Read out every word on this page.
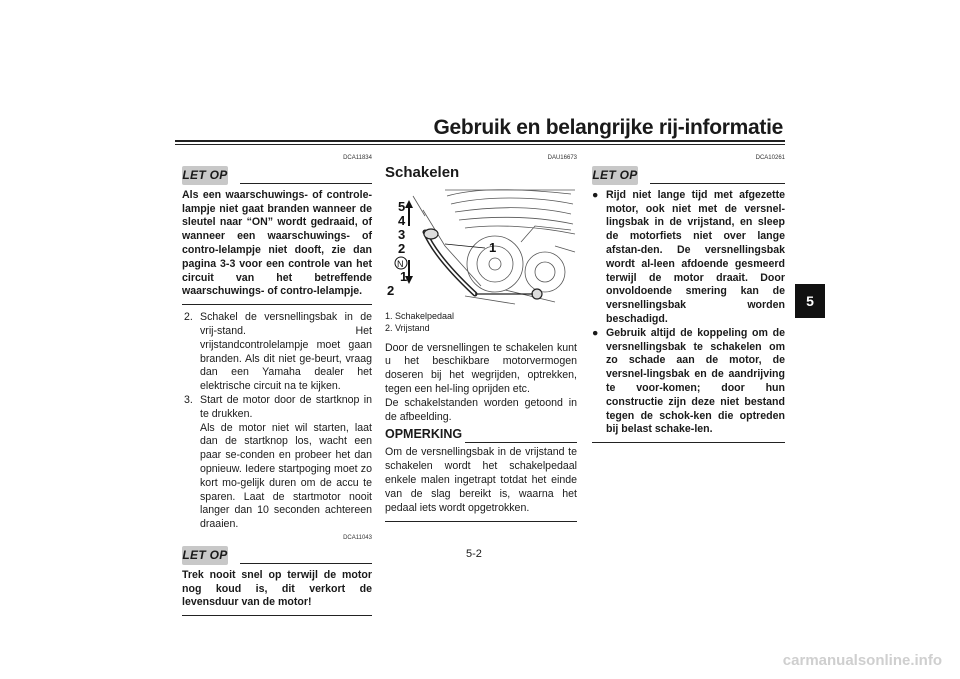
Gebruik en belangrijke rij-informatie
5
DCA11834
LET OP
Als een waarschuwings- of controle-lampje niet gaat branden wanneer de sleutel naar “ON” wordt gedraaid, of wanneer een waarschuwings- of contro-lelampje niet dooft, zie dan pagina 3-3 voor een controle van het circuit van het betreffende waarschuwings- of contro-lelampje.
2. Schakel de versnellingsbak in de vrij-stand. Het vrijstandcontrolelampje moet gaan branden. Als dit niet ge-beurt, vraag dan een Yamaha dealer het elektrische circuit na te kijken.
3. Start de motor door de startknop in te drukken.
Als de motor niet wil starten, laat dan de startknop los, wacht een paar se-conden en probeer het dan opnieuw. Iedere startpoging moet zo kort mo-gelijk duren om de accu te sparen. Laat de startmotor nooit langer dan 10 seconden achtereen draaien.
DCA11043
LET OP
Trek nooit snel op terwijl de motor nog koud is, dit verkort de levensduur van de motor!
DAU16673
Schakelen
5
4
3
2
1
1
2
N
1. Schakelpedaal
2. Vrijstand
Door de versnellingen te schakelen kunt u het beschikbare motorvermogen doseren bij het wegrijden, optrekken, tegen een hel-ling oprijden etc.
De schakelstanden worden getoond in de afbeelding.
OPMERKING
Om de versnellingsbak in de vrijstand te schakelen wordt het schakelpedaal enkele malen ingetrapt totdat het einde van de slag bereikt is, waarna het pedaal iets wordt opgetrokken.
DCA10261
LET OP
● Rijd niet lange tijd met afgezette motor, ook niet met de versnel-lingsbak in de vrijstand, en sleep de motorfiets niet over lange afstan-den. De versnellingsbak wordt al-leen afdoende gesmeerd terwijl de motor draait. Door onvoldoende smering kan de versnellingsbak worden beschadigd.
● Gebruik altijd de koppeling om de versnellingsbak te schakelen om zo schade aan de motor, de versnel-lingsbak en de aandrijving te voor-komen; door hun constructie zijn deze niet bestand tegen de schok-ken die optreden bij belast schake-len.
5-2
carmanualsonline.info
